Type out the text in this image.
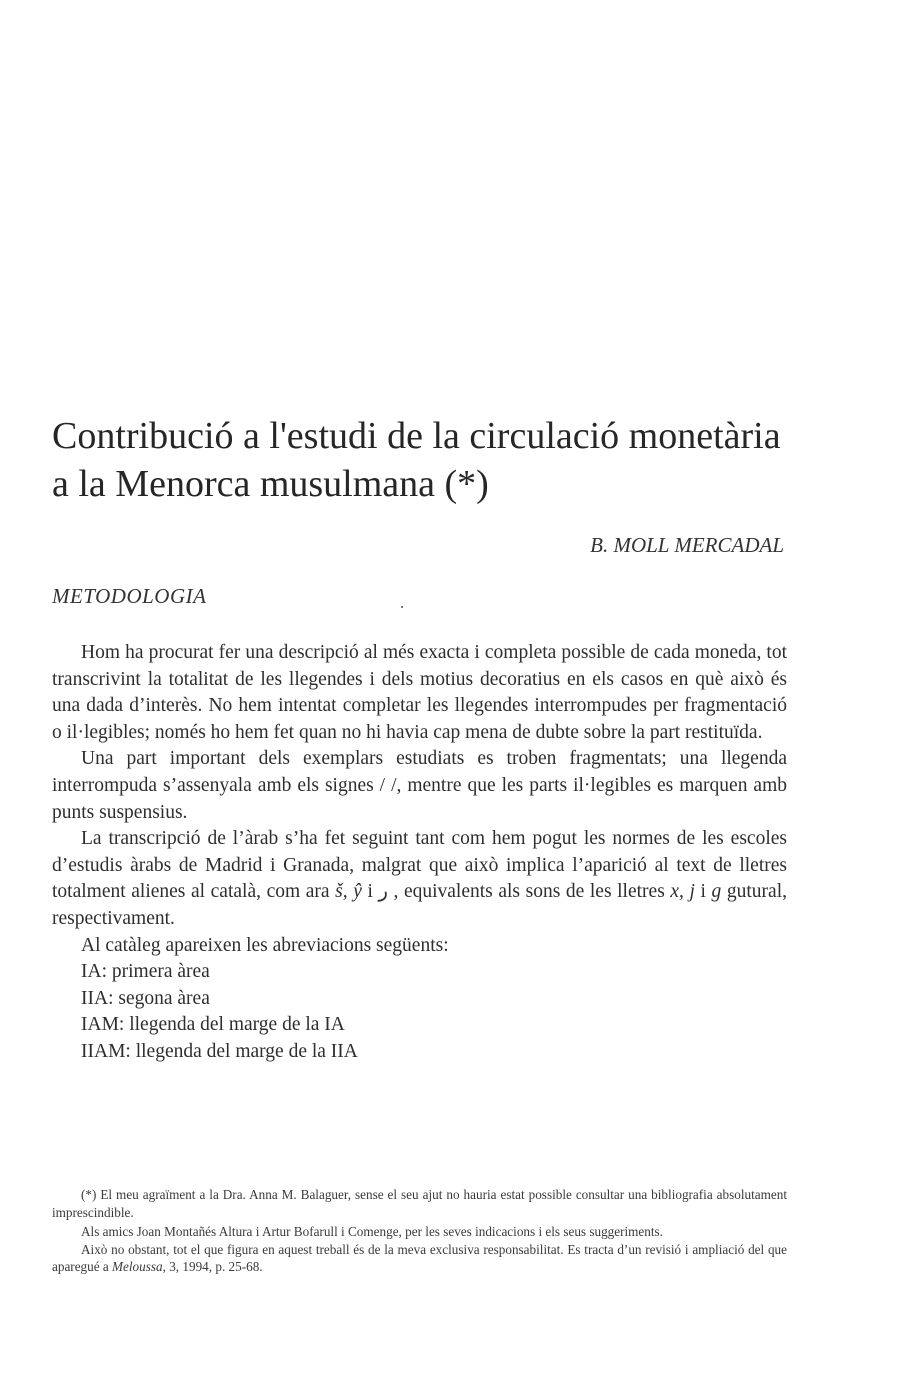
Contribució a l'estudi de la circulació monetària
a la Menorca musulmana (*)
B. MOLL MERCADAL
METODOLOGIA

Hom ha procurat fer una descripció al més exacta i completa possible de cada moneda, tot transcrivint la totalitat de les llegendes i dels motius decoratius en els casos en què això és una dada d’interès. No hem intentat completar les llegendes interrompudes per fragmentació o il·legibles; només ho hem fet quan no hi havia cap mena de dubte sobre la part restituïda.

Una part important dels exemplars estudiats es troben fragmentats; una llegenda interrompuda s’assenyala amb els signes / /, mentre que les parts il·legibles es marquen amb punts suspensius.

La transcripció de l’àrab s’ha fet seguint tant com hem pogut les normes de les escoles d’estudis àrabs de Madrid i Granada, malgrat que això implica l’aparició al text de lletres totalment alienes al català, com ara š, ŷ i ﺭ , equivalents als sons de les lletres x, j i g gutural, respectivament.

Al catàleg apareixen les abreviacions següents:

IA: primera àrea
IIA: segona àrea
IAM: llegenda del marge de la IA
IIAM: llegenda del marge de la IIA

(*) El meu agraïment a la Dra. Anna M. Balaguer, sense el seu ajut no hauria estat possible consultar una bibliografia absolutament imprescindible.

Als amics Joan Montañés Altura i Artur Bofarull i Comenge, per les seves indicacions i els seus suggeriments.

Això no obstant, tot el que figura en aquest treball és de la meva exclusiva responsabilitat. Es tracta d’un revisió i ampliació del que aparegué a Meloussa, 3, 1994, p. 25-68.
